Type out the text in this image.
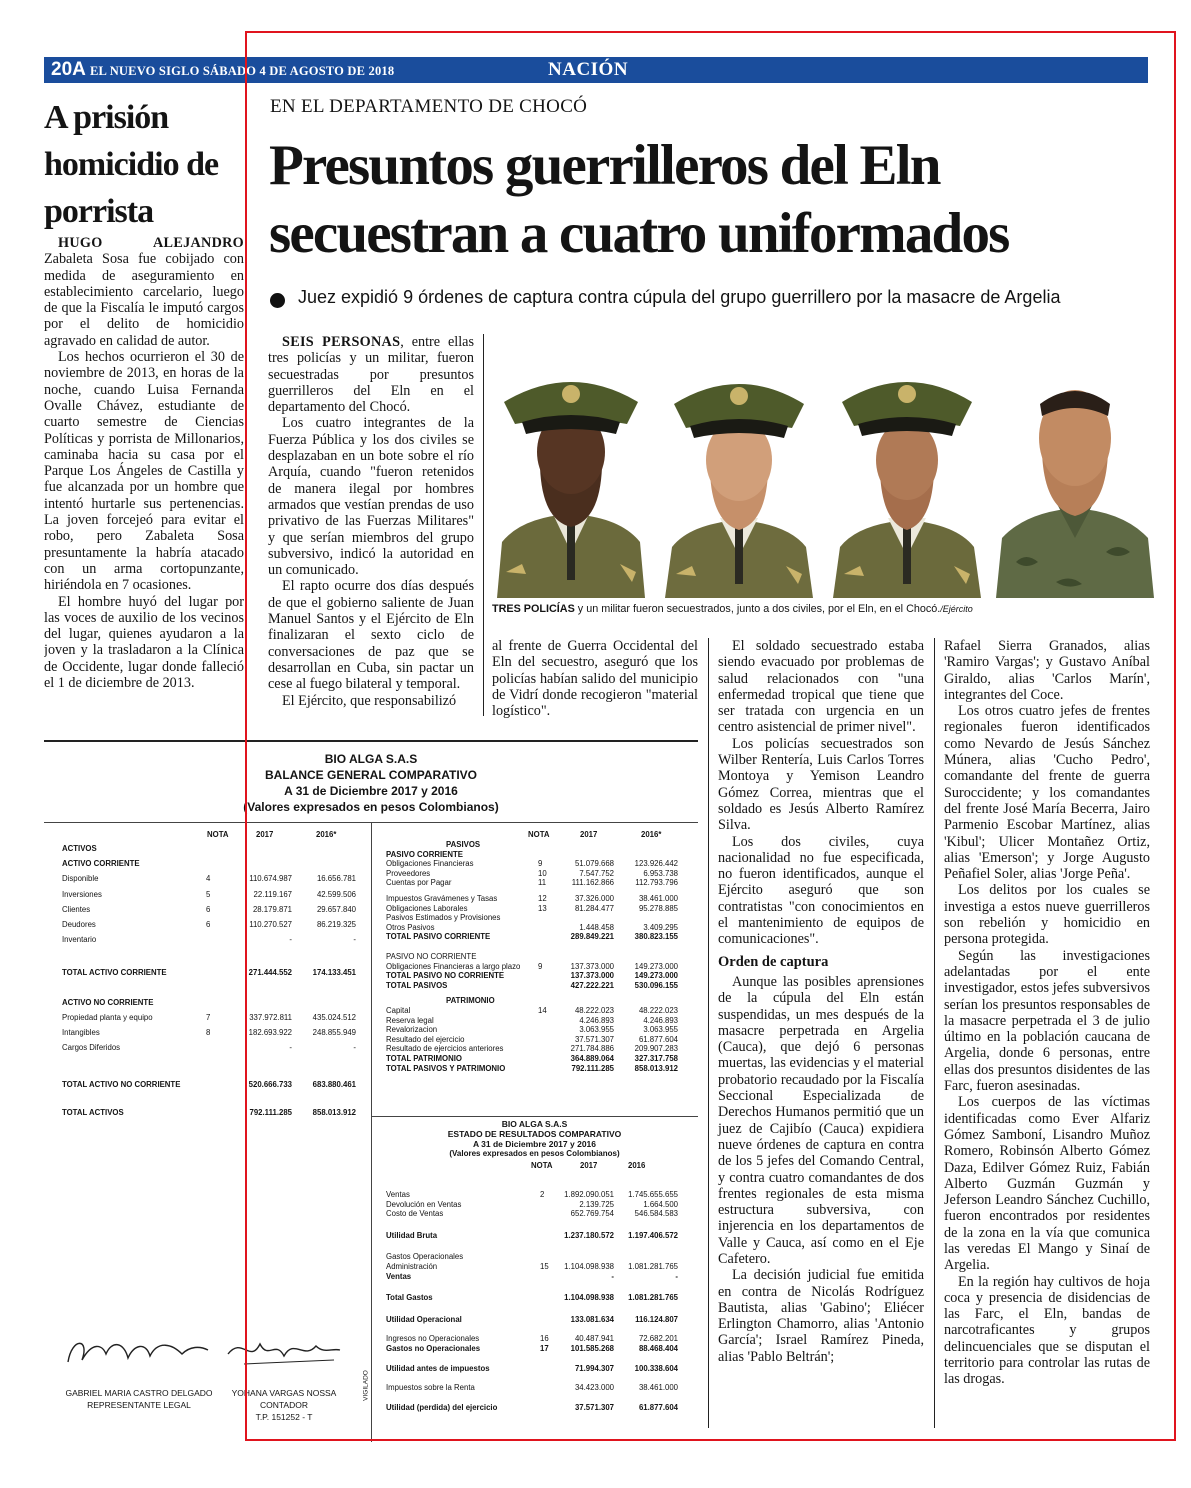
20A EL NUEVO SIGLO SÁBADO 4 DE AGOSTO DE 2018	NACIÓN
A prisión homicidio de porrista

HUGO ALEJANDRO Zabaleta Sosa fue cobijado con medida de aseguramiento en establecimiento carcelario, luego de que la Fiscalía le imputó cargos por el delito de homicidio agravado en calidad de autor.

Los hechos ocurrieron el 30 de noviembre de 2013, en horas de la noche, cuando Luisa Fernanda Ovalle Chávez, estudiante de cuarto semestre de Ciencias Políticas y porrista de Millonarios, caminaba hacia su casa por el Parque Los Ángeles de Castilla y fue alcanzada por un hombre que intentó hurtarle sus pertenencias. La joven forcejeó para evitar el robo, pero Zabaleta Sosa presuntamente la habría atacado con un arma cortopunzante, hiriéndola en 7 ocasiones.

El hombre huyó del lugar por las voces de auxilio de los vecinos del lugar, quienes ayudaron a la joven y la trasladaron a la Clínica de Occidente, lugar donde falleció el 1 de diciembre de 2013.

EN EL DEPARTAMENTO DE CHOCÓ
Presuntos guerrilleros del Eln secuestran a cuatro uniformados
Juez expidió 9 órdenes de captura contra cúpula del grupo guerrillero por la masacre de Argelia

SEIS PERSONAS, entre ellas tres policías y un militar, fueron secuestradas por presuntos guerrilleros del Eln en el departamento del Chocó.

Los cuatro integrantes de la Fuerza Pública y los dos civiles se desplazaban en un bote sobre el río Arquía, cuando "fueron retenidos de manera ilegal por hombres armados que vestían prendas de uso privativo de las Fuerzas Militares" y que serían miembros del grupo subversivo, indicó la autoridad en un comunicado.

El rapto ocurre dos días después de que el gobierno saliente de Juan Manuel Santos y el Ejército de Eln finalizaran el sexto ciclo de conversaciones de paz que se desarrollan en Cuba, sin pactar un cese al fuego bilateral y temporal.

El Ejército, que responsabilizó

TRES POLICÍAS y un militar fueron secuestrados, junto a dos civiles, por el Eln, en el Chocó./Ejército

al frente de Guerra Occidental del Eln del secuestro, aseguró que los policías habían salido del municipio de Vidrí donde recogieron "material logístico".

El soldado secuestrado estaba siendo evacuado por problemas de salud relacionados con "una enfermedad tropical que tiene que ser tratada con urgencia en un centro asistencial de primer nivel".

Los policías secuestrados son Wilber Rentería, Luis Carlos Torres Montoya y Yemison Leandro Gómez Correa, mientras que el soldado es Jesús Alberto Ramírez Silva.

Los dos civiles, cuya nacionalidad no fue especificada, no fueron identificados, aunque el Ejército aseguró que son contratistas "con conocimientos en el mantenimiento de equipos de comunicaciones".

Orden de captura

Aunque las posibles aprensiones de la cúpula del Eln están suspendidas, un mes después de la masacre perpetrada en Argelia (Cauca), que dejó 6 personas muertas, las evidencias y el material probatorio recaudado por la Fiscalía Seccional Especializada de Derechos Humanos permitió que un juez de Cajibío (Cauca) expidiera nueve órdenes de captura en contra de los 5 jefes del Comando Central, y contra cuatro comandantes de dos frentes regionales de esta misma estructura subversiva, con injerencia en los departamentos de Valle y Cauca, así como en el Eje Cafetero.

La decisión judicial fue emitida en contra de Nicolás Rodríguez Bautista, alias 'Gabino'; Eliécer Erlington Chamorro, alias 'Antonio García'; Israel Ramírez Pineda, alias 'Pablo Beltrán';

Rafael Sierra Granados, alias 'Ramiro Vargas'; y Gustavo Aníbal Giraldo, alias 'Carlos Marín', integrantes del Coce.

Los otros cuatro jefes de frentes regionales fueron identificados como Nevardo de Jesús Sánchez Múnera, alias 'Cucho Pedro', comandante del frente de guerra Suroccidente; y los comandantes del frente José María Becerra, Jairo Parmenio Escobar Martínez, alias 'Kibul'; Ulicer Montañez Ortiz, alias 'Emerson'; y Jorge Augusto Peñafiel Soler, alias 'Jorge Peña'.

Los delitos por los cuales se investiga a estos nueve guerrilleros son rebelión y homicidio en persona protegida.

Según las investigaciones adelantadas por el ente investigador, estos jefes subversivos serían los presuntos responsables de la masacre perpetrada el 3 de julio último en la población caucana de Argelia, donde 6 personas, entre ellas dos presuntos disidentes de las Farc, fueron asesinadas.

Los cuerpos de las víctimas identificadas como Ever Alfariz Gómez Samboní, Lisandro Muñoz Romero, Robinsón Alberto Gómez Daza, Edilver Gómez Ruiz, Fabián Alberto Guzmán Guzmán y Jeferson Leandro Sánchez Cuchillo, fueron encontrados por residentes de la zona en la vía que comunica las veredas El Mango y Sinaí de Argelia.

En la región hay cultivos de hoja coca y presencia de disidencias de las Farc, el Eln, bandas de narcotraficantes y grupos delincuenciales que se disputan el territorio para controlar las rutas de las drogas.

BIO ALGA S.A.S
BALANCE GENERAL COMPARATIVO
A 31 de Diciembre 2017 y 2016
(Valores expresados en pesos Colombianos)
NOTA	2017	2016*	NOTA	2017	2016*
ACTIVOS
ACTIVO CORRIENTE
Disponible	4	110.674.987	16.656.781
Inversiones	5	22.119.167	42.599.506
Clientes	6	28.179.871	29.657.840
Deudores	6	110.270.527	86.219.325
Inventario	-	-
TOTAL ACTIVO CORRIENTE	271.444.552	174.133.451
ACTIVO NO CORRIENTE
Propiedad planta y equipo	7	337.972.811	435.024.512
Intangibles	8	182.693.922	248.855.949
Cargos Diferidos	-	-
TOTAL ACTIVO NO CORRIENTE	520.666.733	683.880.461
TOTAL ACTIVOS	792.111.285	858.013.912
PASIVOS
PASIVO CORRIENTE
Obligaciones Financieras	9	51.079.668	123.926.442
Proveedores	10	7.547.752	6.953.738
Cuentas por Pagar	11	111.162.866	112.793.796
Impuestos Gravámenes y Tasas	12	37.326.000	38.461.000
Obligaciones Laborales	13	81.284.477	95.278.885
Pasivos Estimados y Provisiones
Otros Pasivos	1.448.458	3.409.295
TOTAL PASIVO CORRIENTE	289.849.221	380.823.155
PASIVO NO CORRIENTE
Obligaciones Financieras a largo plazo 9	137.373.000	149.273.000
TOTAL PASIVO NO CORRIENTE	137.373.000	149.273.000
TOTAL PASIVOS	427.222.221	530.096.155
PATRIMONIO
Capital	14	48.222.023	48.222.023
Reserva legal	4.246.893	4.246.893
Revalorizacion	3.063.955	3.063.955
Resultado del ejercicio	37.571.307	61.877.604
Resultado de ejercicios anteriores	271.784.886	209.907.283
TOTAL PATRIMONIO	364.889.064	327.317.758
TOTAL PASIVOS Y PATRIMONIO	792.111.285	858.013.912
BIO ALGA S.A.S
ESTADO DE RESULTADOS COMPARATIVO
A 31 de Diciembre 2017 y 2016
(Valores expresados en pesos Colombianos)
NOTA	2017	2016
Ventas	2	1.892.090.051 1.745.655.655
Devolución en Ventas	2.139.725	1.664.500
Costo de Ventas	652.769.754	546.584.583
Utilidad Bruta	1.237.180.572 1.197.406.572
Gastos Operacionales
Administración	15 1.104.098.938 1.081.281.765
Ventas	-	-
Total Gastos	1.104.098.938 1.081.281.765
Utilidad Operacional	133.081.634	116.124.807
Ingresos no Operacionales	16	40.487.941	72.682.201
Gastos no Operacionales	17	101.585.268	88.468.404
Utilidad antes de impuestos	71.994.307	100.338.604
Impuestos sobre la Renta	34.423.000	38.461.000
Utilidad (perdida) del ejercicio	37.571.307	61.877.604
GABRIEL MARIA CASTRO DELGADO
REPRESENTANTE LEGAL
YOHANA VARGAS NOSSA
CONTADOR
T.P. 151252 - T
VIGILADO
